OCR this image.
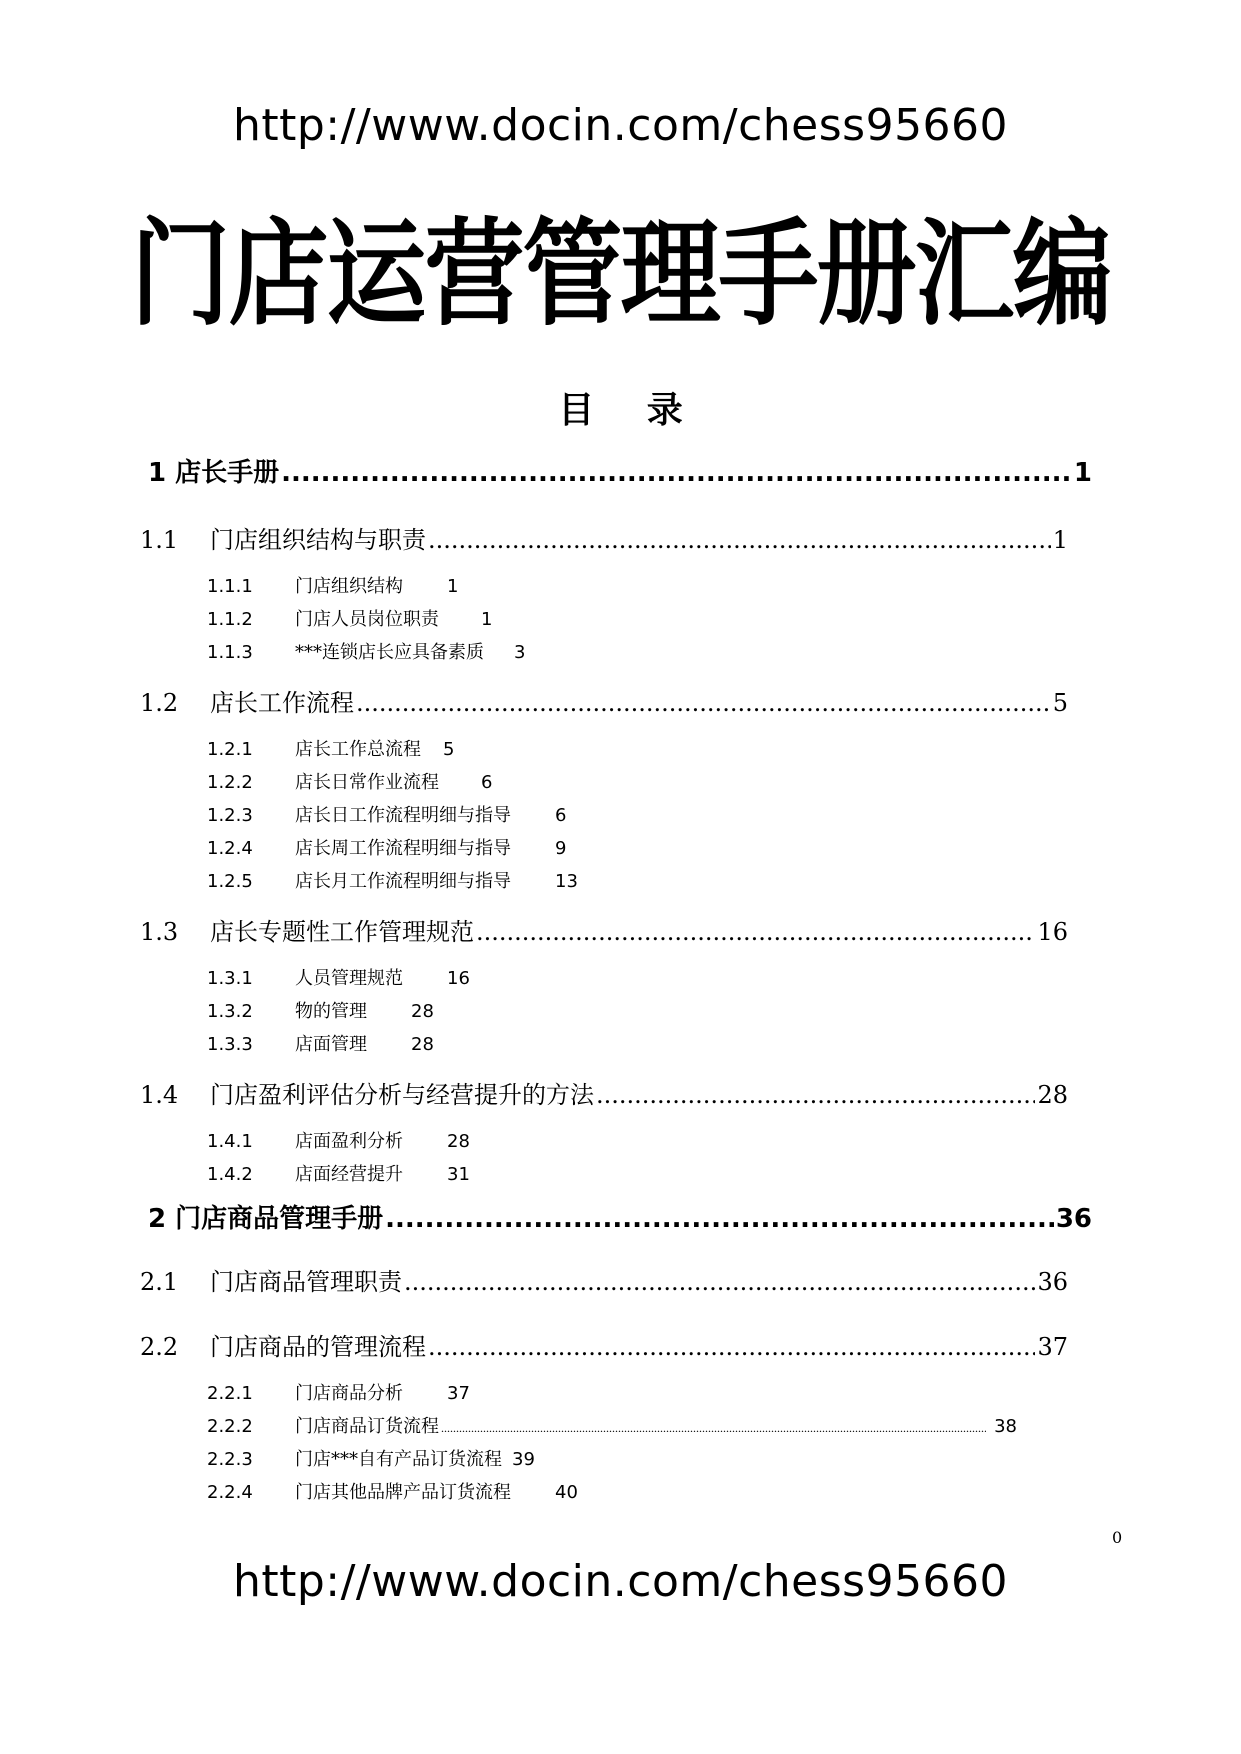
http://www.docin.com/chess95660
门店运营管理手册汇编
目 录
1 店长手册 .....	1
1.1	门店组织结构与职责 .....	1
1.1.1	门店组织结构 1
1.1.2	门店人员岗位职责 1
1.1.3	***连锁店长应具备素质 3
1.2	店长工作流程 .....	5
1.2.1	店长工作总流程 5
1.2.2	店长日常作业流程 6
1.2.3	店长日工作流程明细与指导 6
1.2.4	店长周工作流程明细与指导 9
1.2.5	店长月工作流程明细与指导 13
1.3	店长专题性工作管理规范 .....	16
1.3.1	人员管理规范 16
1.3.2	物的管理 28
1.3.3	店面管理 28
1.4	门店盈利评估分析与经营提升的方法 .....	28
1.4.1	店面盈利分析 28
1.4.2	店面经营提升 31
2 门店商品管理手册 .....	36
2.1	门店商品管理职责 .....	36
2.2	门店商品的管理流程 .....	37
2.2.1	门店商品分析 37
2.2.2	门店商品订货流程 .....	38
2.2.3	门店***自有产品订货流程 39
2.2.4	门店其他品牌产品订货流程 40
0
http://www.docin.com/chess95660
